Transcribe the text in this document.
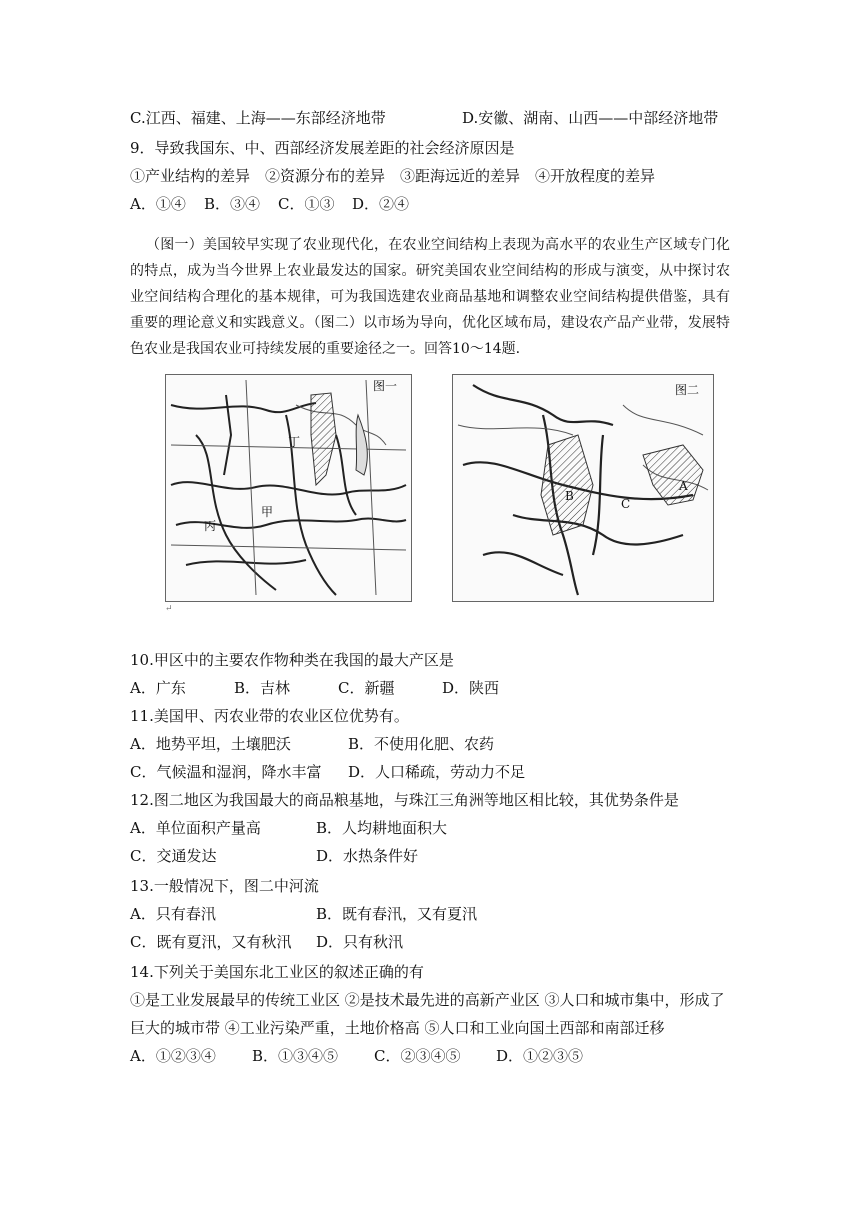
C.江西、福建、上海——东部经济地带	D.安徽、湖南、山西——中部经济地带
9．导致我国东、中、西部经济发展差距的社会经济原因是
①产业结构的差异　②资源分布的差异　③距海远近的差异　④开放程度的差异
A．①④ B．③④ C．①③ D．②④
（图一）美国较早实现了农业现代化，在农业空间结构上表现为高水平的农业生产区域专门化的特点，成为当今世界上农业最发达的国家。研究美国农业空间结构的形成与演变，从中探讨农业空间结构合理化的基本规律，可为我国选建农业商品基地和调整农业空间结构提供借鉴，具有重要的理论意义和实践意义。（图二）以市场为导向，优化区域布局，建设农产品产业带，发展特色农业是我国农业可持续发展的重要途径之一。回答10～14题.
图一
丁
甲
丙
↵
图二
B
C
A
10.甲区中的主要农作物种类在我国的最大产区是
A．广东	B．吉林	C．新疆	D．陕西
11.美国甲、丙农业带的农业区位优势有。
A．地势平坦，土壤肥沃	B．不使用化肥、农药
C．气候温和湿润，降水丰富 D．人口稀疏，劳动力不足
12.图二地区为我国最大的商品粮基地，与珠江三角洲等地区相比较，其优势条件是
A．单位面积产量高	B．人均耕地面积大
C．交通发达	D．水热条件好
13.一般情况下，图二中河流
A．只有春汛	B．既有春汛，又有夏汛
C．既有夏汛，又有秋汛 D．只有秋汛
14.下列关于美国东北工业区的叙述正确的有
①是工业发展最早的传统工业区 ②是技术最先进的高新产业区 ③人口和城市集中，形成了
巨大的城市带 ④工业污染严重，土地价格高 ⑤人口和工业向国土西部和南部迁移
A．①②③④ B．①③④⑤ C．②③④⑤ D．①②③⑤
